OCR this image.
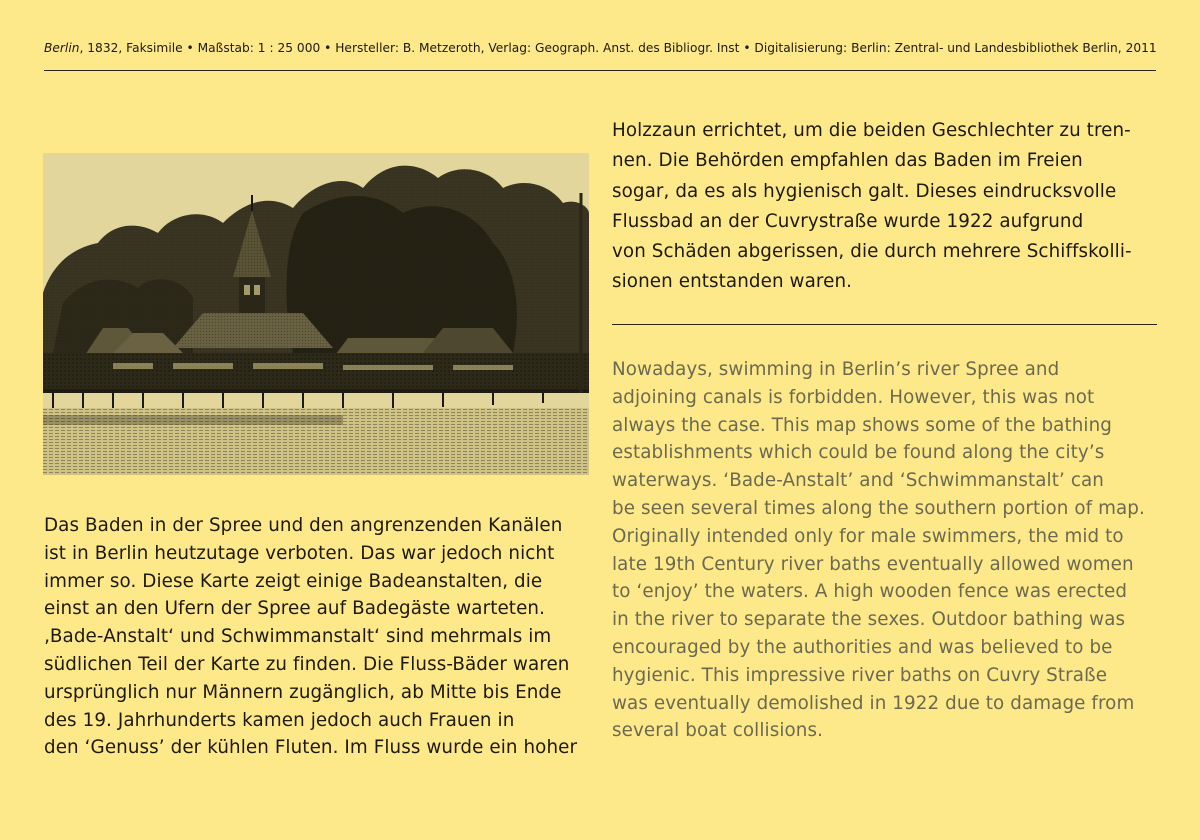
Berlin, 1832, Faksimile • Maßstab: 1 : 25 000 • Hersteller: B. Metzeroth, Verlag: Geograph. Anst. des Bibliogr. Inst • Digitalisierung: Berlin: Zentral- und Landesbibliothek Berlin, 2011
Das Baden in der Spree und den angrenzenden Kanälen
ist in Berlin heutzutage verboten. Das war jedoch nicht
immer so. Diese Karte zeigt einige Badeanstalten, die
einst an den Ufern der Spree auf Badegäste warteten.
‚Bade-Anstalt‘ und Schwimmanstalt‘ sind mehrmals im
südlichen Teil der Karte zu finden. Die Fluss-Bäder waren
ursprünglich nur Männern zugänglich, ab Mitte bis Ende
des 19. Jahrhunderts kamen jedoch auch Frauen in
den ‘Genuss’ der kühlen Fluten. Im Fluss wurde ein hoher
Holzzaun errichtet, um die beiden Geschlechter zu tren-
nen. Die Behörden empfahlen das Baden im Freien
sogar, da es als hygienisch galt. Dieses eindrucksvolle
Flussbad an der Cuvrystraße wurde 1922 aufgrund
von Schäden abgerissen, die durch mehrere Schiffskolli-
sionen entstanden waren.
Nowadays, swimming in Berlin’s river Spree and
adjoining canals is forbidden. However, this was not
always the case. This map shows some of the bathing
establishments which could be found along the city’s
waterways. ‘Bade-Anstalt’ and ‘Schwimmanstalt’ can
be seen several times along the southern portion of map.
Originally intended only for male swimmers, the mid to
late 19th Century river baths eventually allowed women
to ‘enjoy’ the waters. A high wooden fence was erected
in the river to separate the sexes. Outdoor bathing was
encouraged by the authorities and was believed to be
hygienic. This impressive river baths on Cuvry Straße
was eventually demolished in 1922 due to damage from
several boat collisions.
